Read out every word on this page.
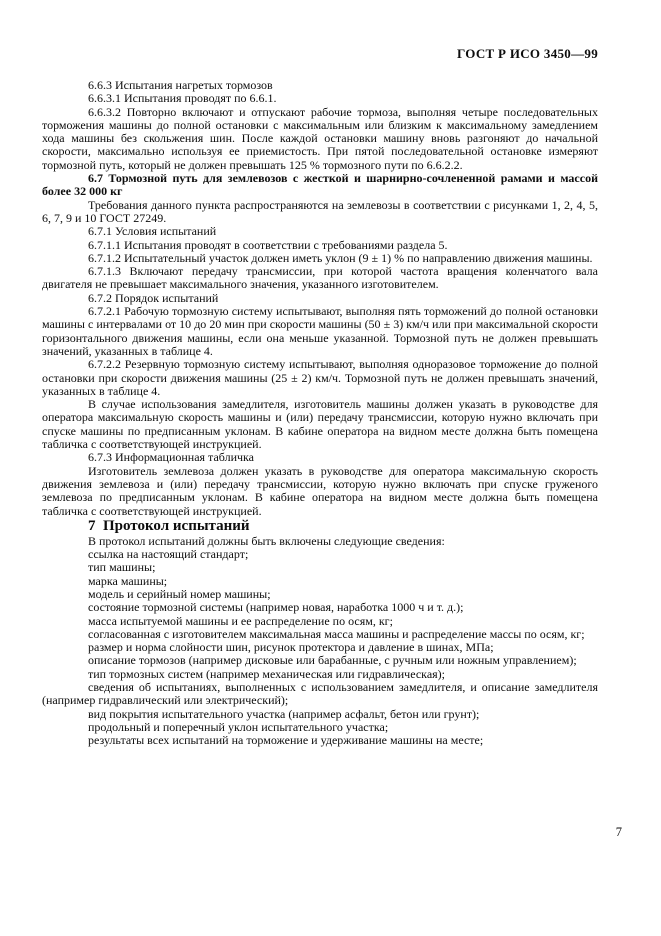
ГОСТ Р ИСО 3450—99

6.6.3 Испытания нагретых тормозов

6.6.3.1 Испытания проводят по 6.6.1.

6.6.3.2 Повторно включают и отпускают рабочие тормоза, выполняя четыре последовательных торможения машины до полной остановки с максимальным или близким к максимальному замедлением хода машины без скольжения шин. После каждой остановки машину вновь разгоняют до начальной скорости, максимально используя ее приемистость. При пятой последовательной остановке измеряют тормозной путь, который не должен превышать 125 % тормозного пути по 6.6.2.2.

6.7 Тормозной путь для землевозов с жесткой и шарнирно-сочлененной рамами и массой более 32 000 кг

Требования данного пункта распространяются на землевозы в соответствии с рисунками 1, 2, 4, 5, 6, 7, 9 и 10 ГОСТ 27249.

6.7.1 Условия испытаний

6.7.1.1 Испытания проводят в соответствии с требованиями раздела 5.

6.7.1.2 Испытательный участок должен иметь уклон (9 ± 1) % по направлению движения машины.

6.7.1.3 Включают передачу трансмиссии, при которой частота вращения коленчатого вала двигателя не превышает максимального значения, указанного изготовителем.

6.7.2 Порядок испытаний

6.7.2.1 Рабочую тормозную систему испытывают, выполняя пять торможений до полной остановки машины с интервалами от 10 до 20 мин при скорости машины (50 ± 3) км/ч или при максимальной скорости горизонтального движения машины, если она меньше указанной. Тормозной путь не должен превышать значений, указанных в таблице 4.

6.7.2.2 Резервную тормозную систему испытывают, выполняя одноразовое торможение до полной остановки при скорости движения машины (25 ± 2) км/ч. Тормозной путь не должен превышать значений, указанных в таблице 4.

В случае использования замедлителя, изготовитель машины должен указать в руководстве для оператора максимальную скорость машины и (или) передачу трансмиссии, которую нужно включать при спуске машины по предписанным уклонам. В кабине оператора на видном месте должна быть помещена табличка с соответствующей инструкцией.

6.7.3 Информационная табличка

Изготовитель землевоза должен указать в руководстве для оператора максимальную скорость движения землевоза и (или) передачу трансмиссии, которую нужно включать при спуске груженого землевоза по предписанным уклонам. В кабине оператора на видном месте должна быть помещена табличка с соответствующей инструкцией.

7  Протокол испытаний

В протокол испытаний должны быть включены следующие сведения:

ссылка на настоящий стандарт;

тип машины;

марка машины;

модель и серийный номер машины;

состояние тормозной системы (например новая, наработка 1000 ч и т. д.);

масса испытуемой машины и ее распределение по осям, кг;

согласованная с изготовителем максимальная масса машины и распределение массы по осям, кг;

размер и норма слойности шин, рисунок протектора и давление в шинах, МПа;

описание тормозов (например дисковые или барабанные, с ручным или ножным управлением);

тип тормозных систем (например механическая или гидравлическая);

сведения об испытаниях, выполненных с использованием замедлителя, и описание замедлителя (например гидравлический или электрический);

вид покрытия испытательного участка (например асфальт, бетон или грунт);

продольный и поперечный уклон испытательного участка;

результаты всех испытаний на торможение и удерживание машины на месте;

7
